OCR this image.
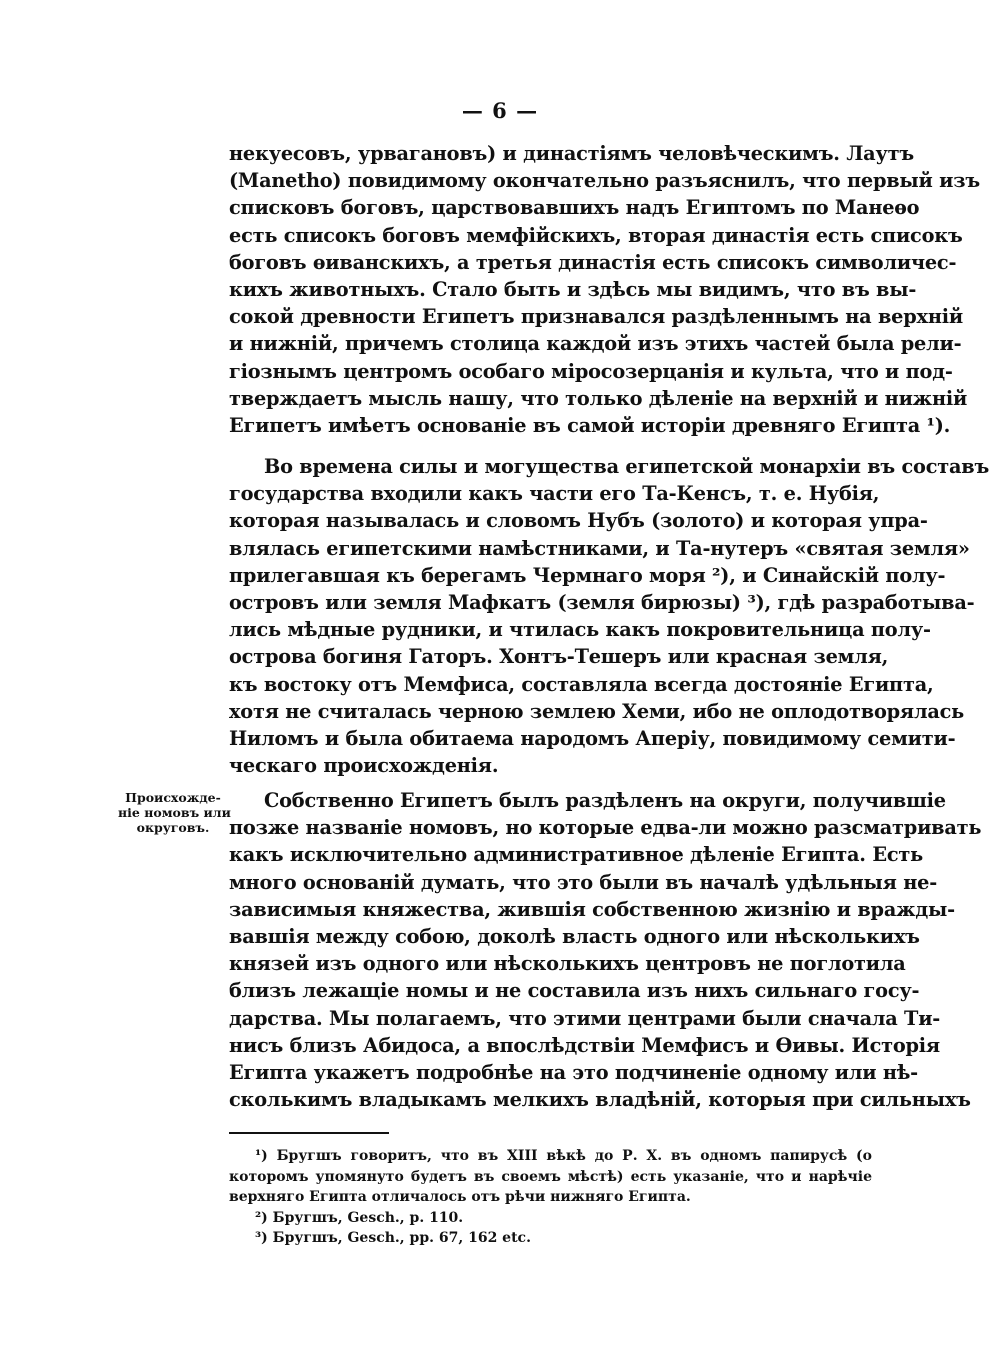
— 6 —
некуесовъ, урвагановъ) и династіямъ человѣческимъ. Лаутъ
(Manetho) повидимому окончательно разъяснилъ, что первый изъ
списковъ боговъ, царствовавшихъ надъ Египтомъ по Манеѳо
есть списокъ боговъ мемфійскихъ, вторая династія есть списокъ
боговъ ѳиванскихъ, а третья династія есть списокъ символичес-
кихъ животныхъ. Стало быть и здѣсь мы видимъ, что въ вы-
сокой древности Египетъ признавался раздѣленнымъ на верхній
и нижній, причемъ столица каждой изъ этихъ частей была рели-
гіознымъ центромъ особаго міросозерцанія и культа, что и под-
тверждаетъ мысль нашу, что только дѣленіе на верхній и нижній
Египетъ имѣетъ основаніе въ самой исторіи древняго Египта ¹).
Во времена силы и могущества египетской монархіи въ составъ
государства входили какъ части его Та-Кенсъ, т. е. Нубія,
которая называлась и словомъ Нубъ (золото) и которая упра-
влялась египетскими намѣстниками, и Та-нутеръ «святая земля»
прилегавшая къ берегамъ Чермнаго моря ²), и Синайскій полу-
островъ или земля Мафкатъ (земля бирюзы) ³), гдѣ разработыва-
лись мѣдные рудники, и чтилась какъ покровительница полу-
острова богиня Гаторъ. Хонтъ-Тешеръ или красная земля,
къ востоку отъ Мемфиса, составляла всегда достояніе Египта,
хотя не считалась черною землею Хеми, ибо не оплодотворялась
Ниломъ и была обитаема народомъ Аперіу, повидимому семити-
ческаго происхожденія.
Происхожде-
ніе номовъ или
округовъ.
Собственно Египетъ былъ раздѣленъ на округи, получившіе
позже названіе номовъ, но которые едва-ли можно разсматривать
какъ исключительно административное дѣленіе Египта. Есть
много основаній думать, что это были въ началѣ удѣльныя не-
зависимыя княжества, жившія собственною жизнію и вражды-
вавшія между собою, доколѣ власть одного или нѣсколькихъ
князей изъ одного или нѣсколькихъ центровъ не поглотила
близъ лежащіе номы и не составила изъ нихъ сильнаго госу-
дарства. Мы полагаемъ, что этими центрами были сначала Ти-
нисъ близъ Абидоса, а впослѣдствіи Мемфисъ и Ѳивы. Исторія
Египта укажетъ подробнѣе на это подчиненіе одному или нѣ-
сколькимъ владыкамъ мелкихъ владѣній, которыя при сильныхъ
¹) Бругшъ говоритъ, что въ XIII вѣкѣ до Р. Х. въ одномъ папирусѣ (о
которомъ упомянуто будетъ въ своемъ мѣстѣ) есть указаніе, что и нарѣчіе
верхняго Египта отличалось отъ рѣчи нижняго Египта.
²) Бругшъ, Gesch., p. 110.
³) Бругшъ, Gesch., pp. 67, 162 etc.
